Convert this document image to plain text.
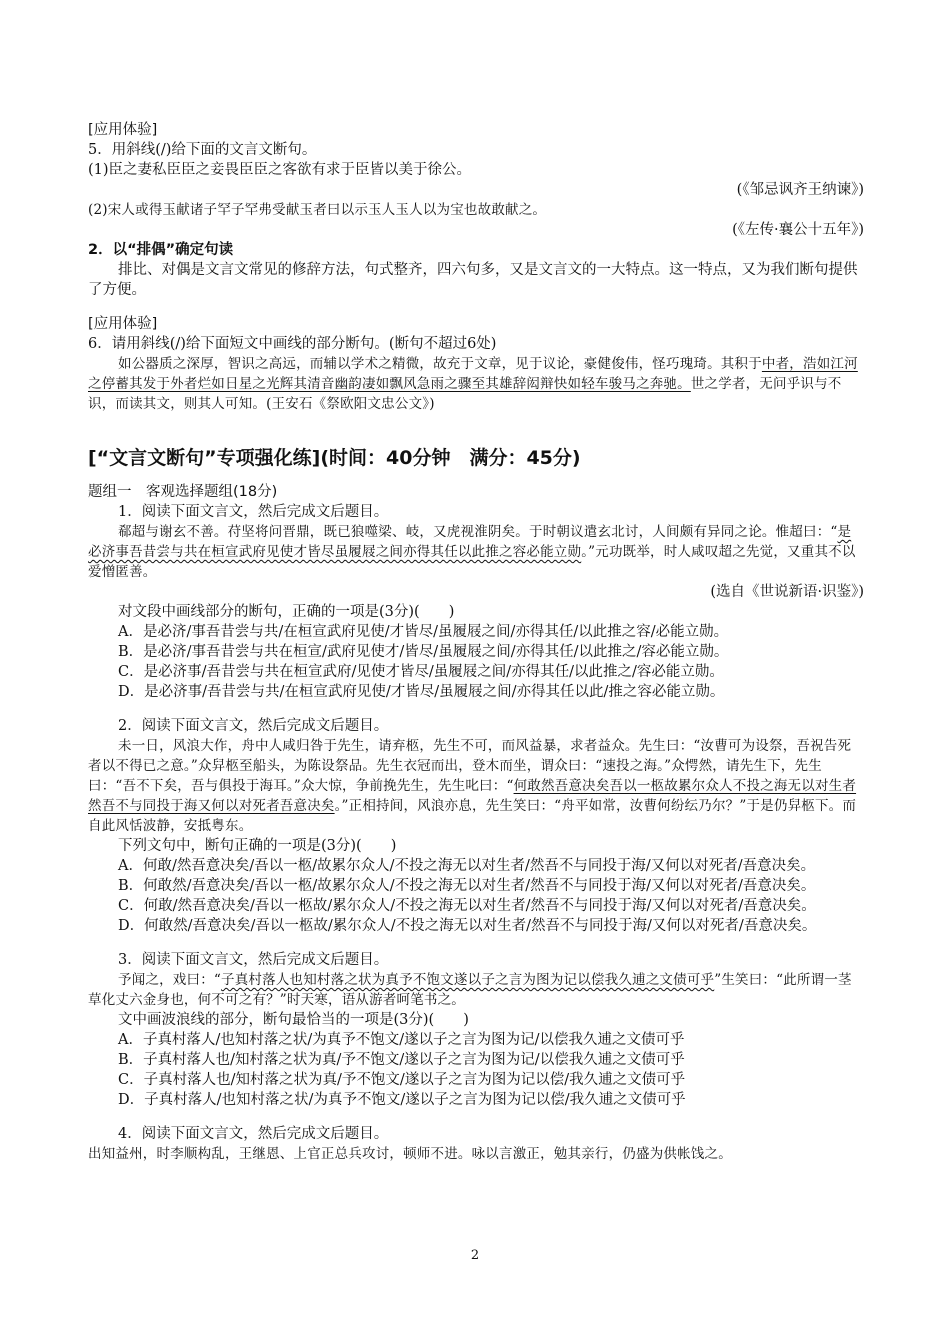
[应用体验]

5．用斜线(/)给下面的文言文断句。

(1)臣之妻私臣臣之妾畏臣臣之客欲有求于臣皆以美于徐公。

(《邹忌讽齐王纳谏》)

(2)宋人或得玉献诸子罕子罕弗受献玉者曰以示玉人玉人以为宝也故敢献之。

(《左传·襄公十五年》)

2．以“排偶”确定句读

排比、对偶是文言文常见的修辞方法，句式整齐，四六句多，又是文言文的一大特点。这一特点，又为我们断句提供了方便。

[应用体验]

6．请用斜线(/)给下面短文中画线的部分断句。(断句不超过6处)

如公器质之深厚，智识之高远，而辅以学术之精微，故充于文章，见于议论，豪健俊伟，怪巧瑰琦。其积于中者，浩如江河之停蓄其发于外者烂如日星之光辉其清音幽韵凄如飘风急雨之骤至其雄辞闳辩快如轻车骏马之奔驰。世之学者，无问乎识与不识，而读其文，则其人可知。(王安石《祭欧阳文忠公文》)

[“文言文断句”专项强化练](时间：40分钟　满分：45分)

题组一　客观选择题组(18分)

1．阅读下面文言文，然后完成文后题目。

郗超与谢玄不善。苻坚将问晋鼎，既已狼噬梁、岐，又虎视淮阴矣。于时朝议遣玄北讨，人间颇有异同之论。惟超曰：“是必济事吾昔尝与共在桓宣武府见使才皆尽虽履屐之间亦得其任以此推之容必能立勋。”元功既举，时人咸叹超之先觉，又重其不以爱憎匿善。

(选自《世说新语·识鉴》)

对文段中画线部分的断句，正确的一项是(3分)(　　)

A．是必济/事吾昔尝与共/在桓宣武府见使/才皆尽/虽履屐之间/亦得其任/以此推之容/必能立勋。

B．是必济/事吾昔尝与共在桓宣/武府见使才/皆尽/虽履屐之间/亦得其任/以此推之/容必能立勋。

C．是必济事/吾昔尝与共在桓宣武府/见使才皆尽/虽履屐之间/亦得其任/以此推之/容必能立勋。

D．是必济事/吾昔尝与共/在桓宣武府见使/才皆尽/虽履屐之间/亦得其任以此/推之容必能立勋。

2．阅读下面文言文，然后完成文后题目。

未一日，风浪大作，舟中人咸归咎于先生，请弃柩，先生不可，而风益暴，求者益众。先生曰：“汝曹可为设祭，吾祝告死者以不得已之意。”众舁柩至船头，为陈设祭品。先生衣冠而出，登木而坐，谓众曰：“速投之海。”众愕然，请先生下，先生曰：“吾不下矣，吾与俱投于海耳。”众大惊，争前挽先生，先生叱曰：“何敢然吾意决矣吾以一柩故累尔众人不投之海无以对生者然吾不与同投于海又何以对死者吾意决矣。”正相持间，风浪亦息，先生笑曰：“舟平如常，汝曹何纷纭乃尔？”于是仍舁柩下。而自此风恬波静，安抵粤东。

下列文句中，断句正确的一项是(3分)(　　)

A．何敢/然吾意决矣/吾以一柩/故累尔众人/不投之海无以对生者/然吾不与同投于海/又何以对死者/吾意决矣。

B．何敢然/吾意决矣/吾以一柩/故累尔众人/不投之海无以对生者/然吾不与同投于海/又何以对死者/吾意决矣。

C．何敢/然吾意决矣/吾以一柩故/累尔众人/不投之海无以对生者/然吾不与同投于海/又何以对死者/吾意决矣。

D．何敢然/吾意决矣/吾以一柩故/累尔众人/不投之海无以对生者/然吾不与同投于海/又何以对死者/吾意决矣。

3．阅读下面文言文，然后完成文后题目。

予闻之，戏曰：“子真村落人也知村落之状为真予不饱文遂以子之言为图为记以偿我久逋之文债可乎”生笑曰：“此所谓一茎草化丈六金身也，何不可之有？”时天寒，语从游者呵笔书之。

文中画波浪线的部分，断句最恰当的一项是(3分)(　　)

A．子真村落人/也知村落之状/为真予不饱文/遂以子之言为图为记/以偿我久逋之文债可乎

B．子真村落人也/知村落之状为真/予不饱文/遂以子之言为图为记/以偿我久逋之文债可乎

C．子真村落人也/知村落之状为真/予不饱文/遂以子之言为图为记以偿/我久逋之文债可乎

D．子真村落人/也知村落之状/为真予不饱文/遂以子之言为图为记以偿/我久逋之文债可乎

4．阅读下面文言文，然后完成文后题目。

出知益州，时李顺构乱，王继恩、上官正总兵攻讨，顿师不进。咏以言激正，勉其亲行，仍盛为供帐饯之。

2
